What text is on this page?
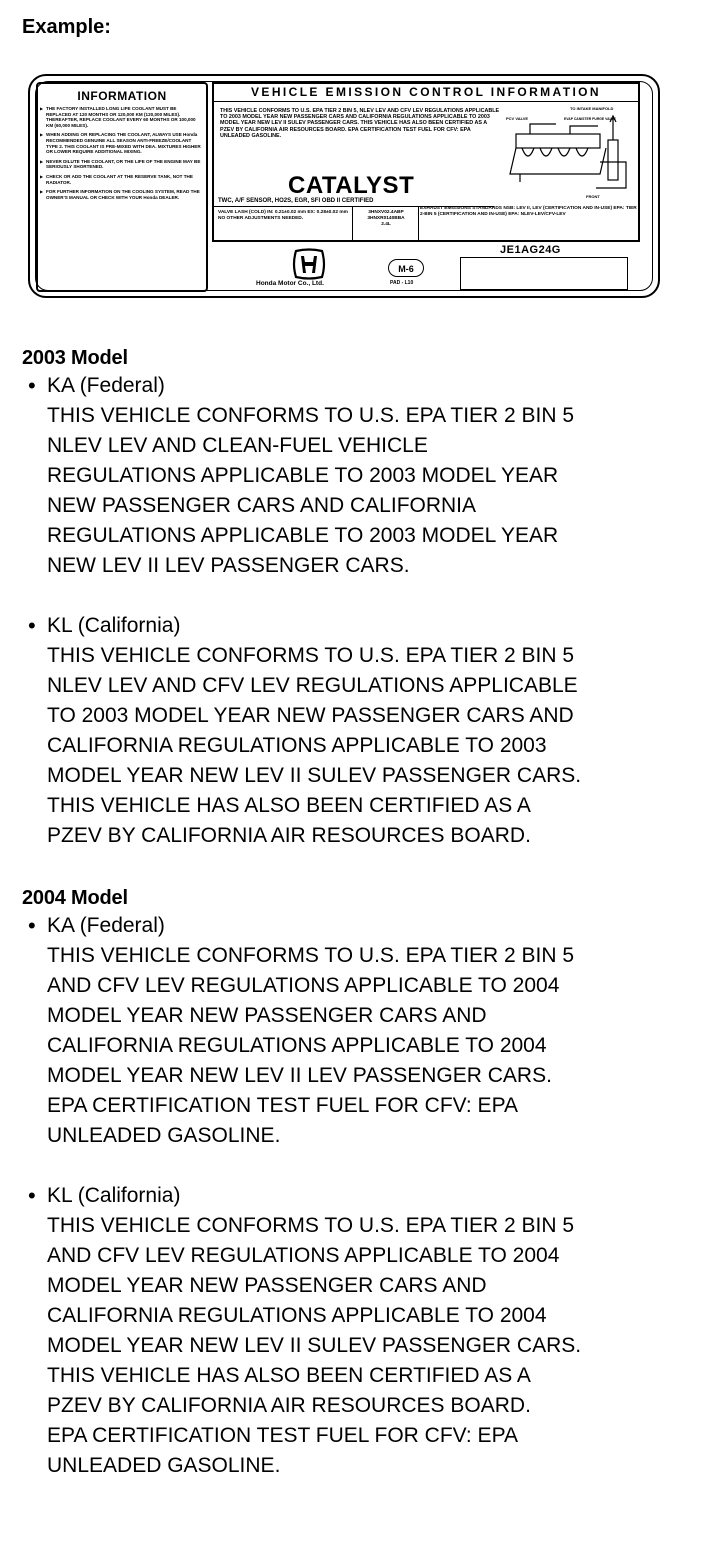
Example:
INFORMATION
▶ THE FACTORY INSTALLED LONG LIFE COOLANT MUST BE REPLACED AT 120 MONTHS OR 120,000 KM (120,000 MILES). THEREAFTER, REPLACE COOLANT EVERY 60 MONTHS OR 100,000 KM (60,000 MILES).
▶ WHEN ADDING OR REPLACING THE COOLANT, ALWAYS USE Honda RECOMMENDED GENUINE ALL SEASON ANTI-FREEZE/COOLANT TYPE 2. THIS COOLANT IS PRE-MIXED WITH DEA. MIXTURES HIGHER OR LOWER REQUIRE ADDITIONAL MIXING.
▶ NEVER DILUTE THE COOLANT, OR THE LIFE OF THE ENGINE MAY BE SERIOUSLY SHORTENED.
▶ CHECK OR ADD THE COOLANT AT THE RESERVE TANK, NOT THE RADIATOR.
▶ FOR FURTHER INFORMATION ON THE COOLING SYSTEM, READ THE OWNER'S MANUAL OR CHECK WITH YOUR Honda DEALER.
VEHICLE EMISSION CONTROL INFORMATION
THIS VEHICLE CONFORMS TO U.S. EPA TIER 2 BIN 5, NLEV LEV AND CFV LEV REGULATIONS APPLICABLE TO 2003 MODEL YEAR NEW PASSENGER CARS AND CALIFORNIA REGULATIONS APPLICABLE TO 2003 MODEL YEAR NEW LEV II SULEV PASSENGER CARS. THIS VEHICLE HAS ALSO BEEN CERTIFIED AS A PZEV BY CALIFORNIA AIR RESOURCES BOARD. EPA CERTIFICATION TEST FUEL FOR CFV: EPA UNLEADED GASOLINE.
TO INTAKE MANIFOLD
PCV VALVE	EVAP CANISTER PURGE VALVE
FRONT
CATALYST
TWC, A/F SENSOR, HO2S, EGR, SFI OBD II CERTIFIED
VALVE LASH (COLD) IN: 0.21±0.02 mm EX: 0.28±0.02 mm
NO OTHER ADJUSTMENTS NEEDED.
3HNXV02.4ABP 3HNXR0140BBA
2.4L
EXHAUST EMISSIONS STANDARDS NSB: LEV II, LEV (CERTIFICATION AND IN-USE) EPA: TIER 2-BIN 5 (CERTIFICATION AND IN-USE) EPA: NLEV-LEV/CFV-LEV
Honda Motor Co., Ltd.
M-6
PAD - L10
JE1AG24G
2003 Model
• KA (Federal)

THIS VEHICLE CONFORMS TO U.S. EPA TIER 2 BIN 5
NLEV LEV AND CLEAN-FUEL VEHICLE
REGULATIONS APPLICABLE TO 2003 MODEL YEAR
NEW PASSENGER CARS AND CALIFORNIA
REGULATIONS APPLICABLE TO 2003 MODEL YEAR
NEW LEV II LEV PASSENGER CARS.
• KL (California)

THIS VEHICLE CONFORMS TO U.S. EPA TIER 2 BIN 5
NLEV LEV AND CFV LEV REGULATIONS APPLICABLE
TO 2003 MODEL YEAR NEW PASSENGER CARS AND
CALIFORNIA REGULATIONS APPLICABLE TO 2003
MODEL YEAR NEW LEV II SULEV PASSENGER CARS.
THIS VEHICLE HAS ALSO BEEN CERTIFIED AS A
PZEV BY CALIFORNIA AIR RESOURCES BOARD.
2004 Model
• KA (Federal)

THIS VEHICLE CONFORMS TO U.S. EPA TIER 2 BIN 5
AND CFV LEV REGULATIONS APPLICABLE TO 2004
MODEL YEAR NEW PASSENGER CARS AND
CALIFORNIA REGULATIONS APPLICABLE TO 2004
MODEL YEAR NEW LEV II LEV PASSENGER CARS.
EPA CERTIFICATION TEST FUEL FOR CFV: EPA
UNLEADED GASOLINE.
• KL (California)

THIS VEHICLE CONFORMS TO U.S. EPA TIER 2 BIN 5
AND CFV LEV REGULATIONS APPLICABLE TO 2004
MODEL YEAR NEW PASSENGER CARS AND
CALIFORNIA REGULATIONS APPLICABLE TO 2004
MODEL YEAR NEW LEV II SULEV PASSENGER CARS.
THIS VEHICLE HAS ALSO BEEN CERTIFIED AS A
PZEV BY CALIFORNIA AIR RESOURCES BOARD.
EPA CERTIFICATION TEST FUEL FOR CFV: EPA
UNLEADED GASOLINE.
